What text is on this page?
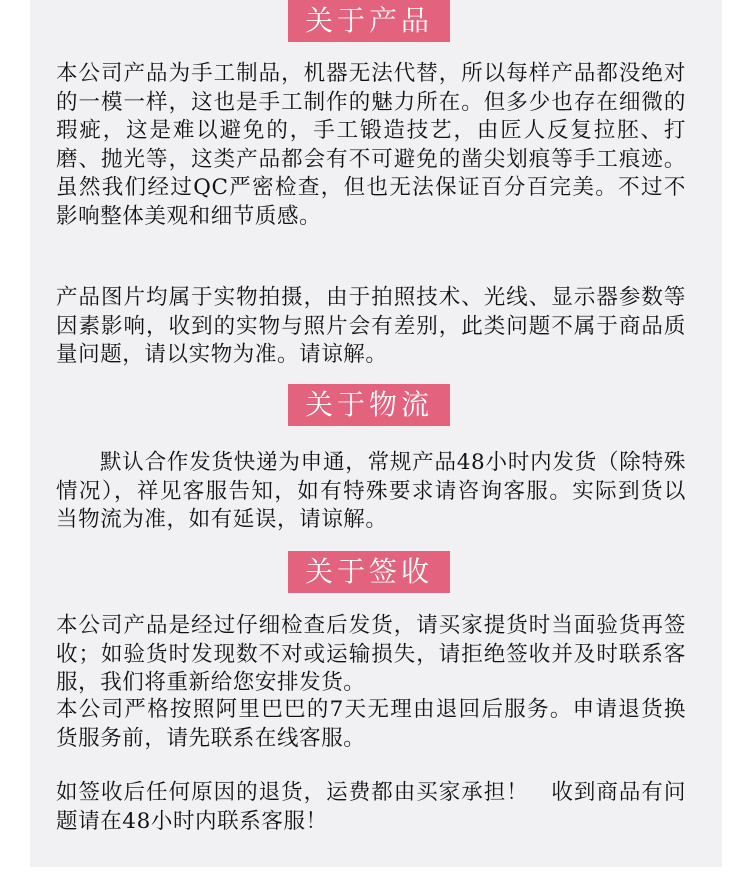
关于产品

本公司产品为手工制品，机器无法代替，所以每样产品都没绝对的一模一样，这也是手工制作的魅力所在。但多少也存在细微的瑕疵，这是难以避免的，手工锻造技艺，由匠人反复拉胚、打磨、抛光等，这类产品都会有不可避免的凿尖划痕等手工痕迹。虽然我们经过QC严密检查，但也无法保证百分百完美。不过不影响整体美观和细节质感。

产品图片均属于实物拍摄，由于拍照技术、光线、显示器参数等因素影响，收到的实物与照片会有差别，此类问题不属于商品质量问题，请以实物为准。请谅解。

关于物流

默认合作发货快递为申通，常规产品48小时内发货（除特殊情况），祥见客服告知，如有特殊要求请咨询客服。实际到货以当物流为准，如有延误，请谅解。

关于签收

本公司产品是经过仔细检查后发货，请买家提货时当面验货再签收；如验货时发现数不对或运输损失，请拒绝签收并及时联系客服，我们将重新给您安排发货。

本公司严格按照阿里巴巴的7天无理由退回后服务。申请退货换货服务前，请先联系在线客服。

如签收后任何原因的退货，运费都由买家承担！　收到商品有问题请在48小时内联系客服！
